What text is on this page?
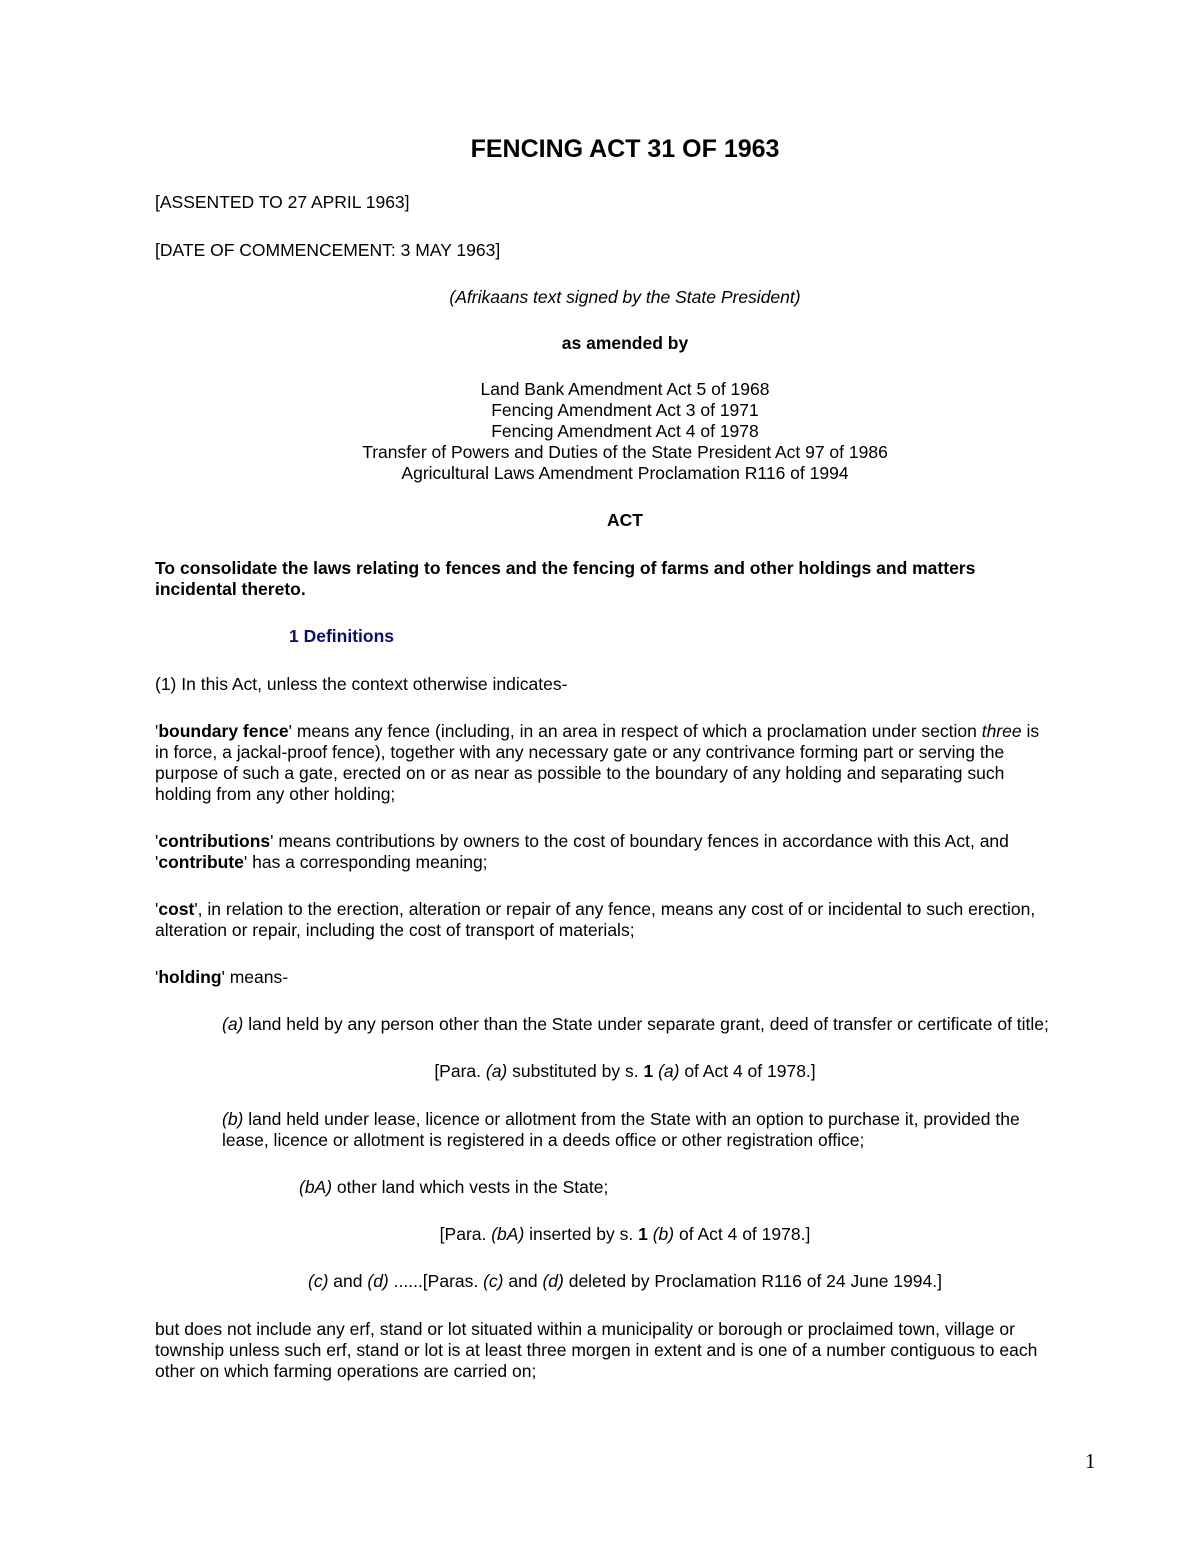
FENCING ACT 31 OF 1963
[ASSENTED TO 27 APRIL 1963]
[DATE OF COMMENCEMENT: 3 MAY 1963]
(Afrikaans text signed by the State President)
as amended by
Land Bank Amendment Act 5 of 1968
Fencing Amendment Act 3 of 1971
Fencing Amendment Act 4 of 1978
Transfer of Powers and Duties of the State President Act 97 of 1986
Agricultural Laws Amendment Proclamation R116 of 1994
ACT
To consolidate the laws relating to fences and the fencing of farms and other holdings and matters
incidental thereto.
1 Definitions
(1) In this Act, unless the context otherwise indicates-
'boundary fence' means any fence (including, in an area in respect of which a proclamation under section three is
in force, a jackal-proof fence), together with any necessary gate or any contrivance forming part or serving the
purpose of such a gate, erected on or as near as possible to the boundary of any holding and separating such
holding from any other holding;
'contributions' means contributions by owners to the cost of boundary fences in accordance with this Act, and
'contribute' has a corresponding meaning;
'cost', in relation to the erection, alteration or repair of any fence, means any cost of or incidental to such erection,
alteration or repair, including the cost of transport of materials;
'holding' means-
(a) land held by any person other than the State under separate grant, deed of transfer or certificate of title;
[Para. (a) substituted by s. 1 (a) of Act 4 of 1978.]
(b) land held under lease, licence or allotment from the State with an option to purchase it, provided the
lease, licence or allotment is registered in a deeds office or other registration office;
(bA) other land which vests in the State;
[Para. (bA) inserted by s. 1 (b) of Act 4 of 1978.]
(c) and (d) ......[Paras. (c) and (d) deleted by Proclamation R116 of 24 June 1994.]
but does not include any erf, stand or lot situated within a municipality or borough or proclaimed town, village or
township unless such erf, stand or lot is at least three morgen in extent and is one of a number contiguous to each
other on which farming operations are carried on;
1
